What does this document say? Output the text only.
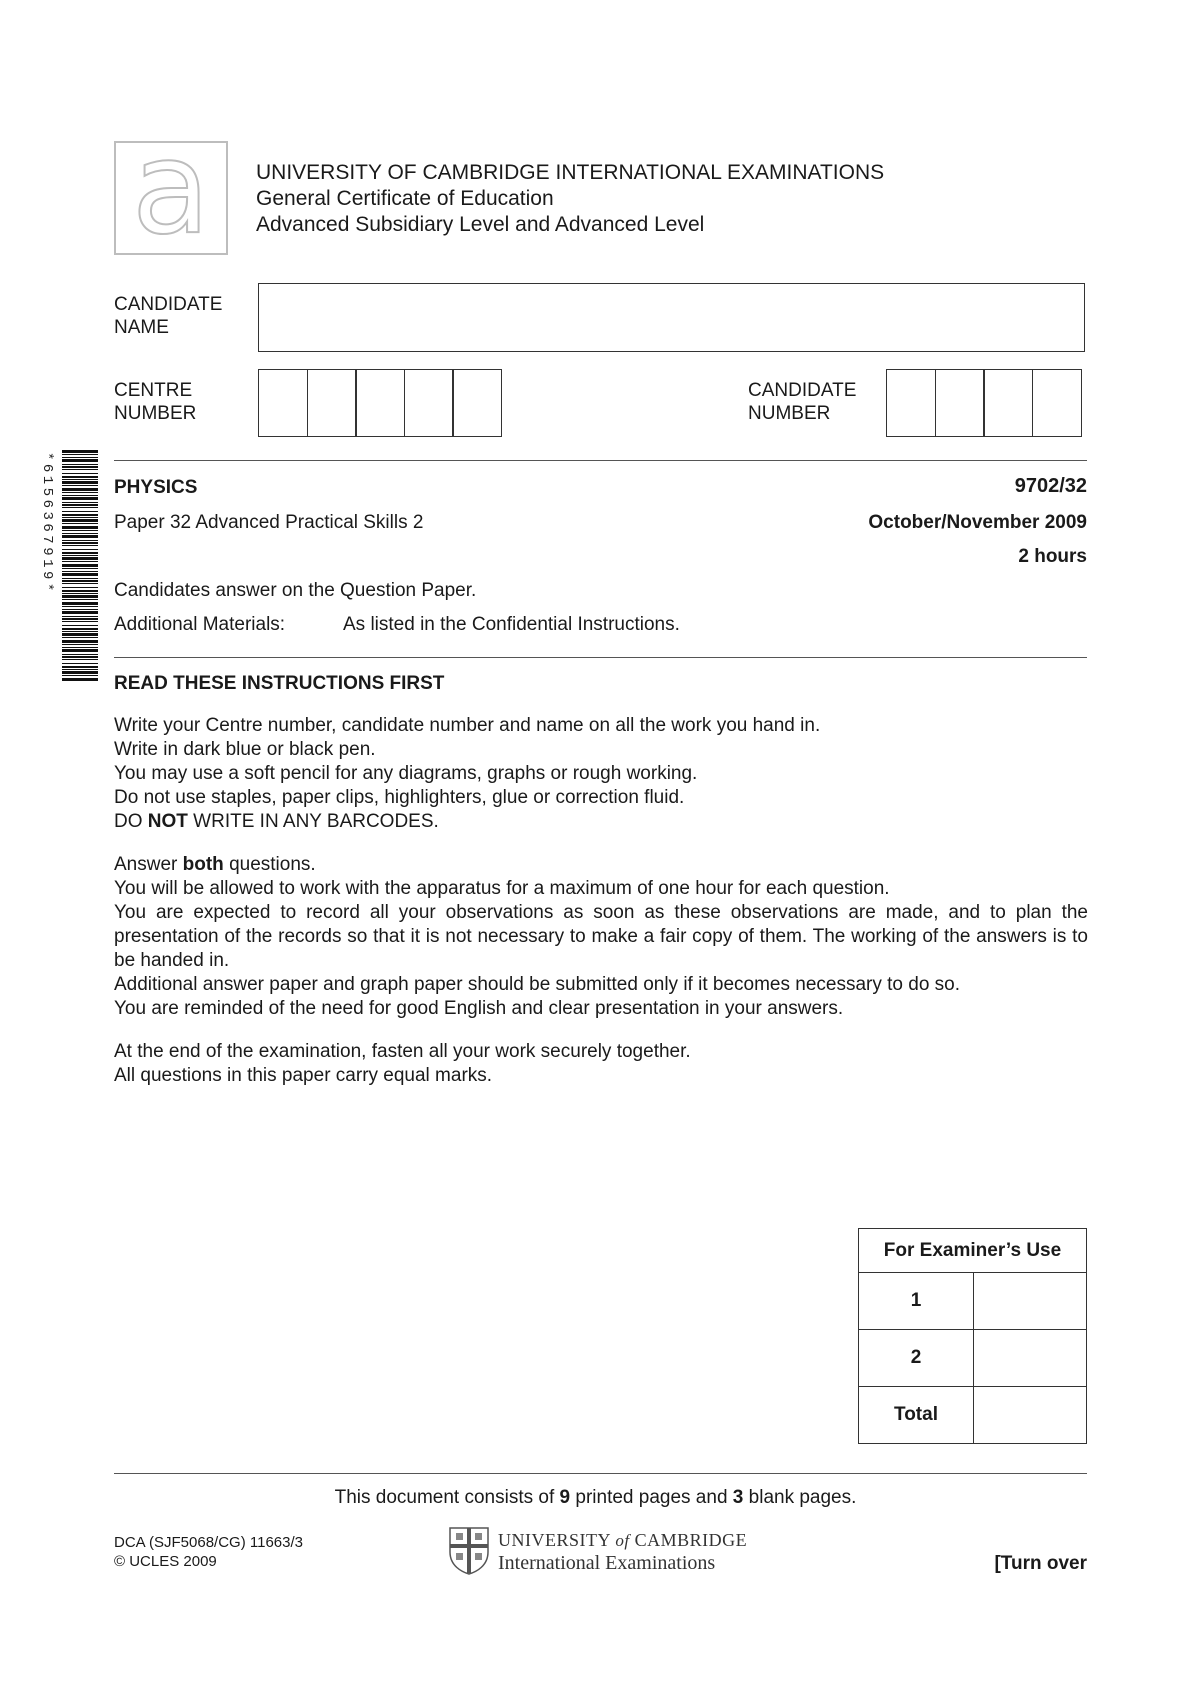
a UNIVERSITY OF CAMBRIDGE INTERNATIONAL EXAMINATIONS
General Certificate of Education
Advanced Subsidiary Level and Advanced Level
CANDIDATE
NAME
CENTRE
NUMBER
CANDIDATE
NUMBER
*6156367919*	PHYSICS	9702/32
Paper 32 Advanced Practical Skills 2	October/November 2009
2 hours
Candidates answer on the Question Paper.
Additional Materials:	As listed in the Confidential Instructions.
READ THESE INSTRUCTIONS FIRST
Write your Centre number, candidate number and name on all the work you hand in.
Write in dark blue or black pen.
You may use a soft pencil for any diagrams, graphs or rough working.
Do not use staples, paper clips, highlighters, glue or correction fluid.
DO NOT WRITE IN ANY BARCODES.
Answer both questions.
You will be allowed to work with the apparatus for a maximum of one hour for each question.
You are expected to record all your observations as soon as these observations are made, and to plan the presentation of the records so that it is not necessary to make a fair copy of them. The working of the answers is to be handed in.
Additional answer paper and graph paper should be submitted only if it becomes necessary to do so.
You are reminded of the need for good English and clear presentation in your answers.
At the end of the examination, fasten all your work securely together.
All questions in this paper carry equal marks.
For Examiner’s Use	
1	
2	
Total	
This document consists of 9 printed pages and 3 blank pages.
DCA (SJF5068/CG) 11663/3
© UCLES 2009
UNIVERSITY of CAMBRIDGE
International Examinations	[Turn over
